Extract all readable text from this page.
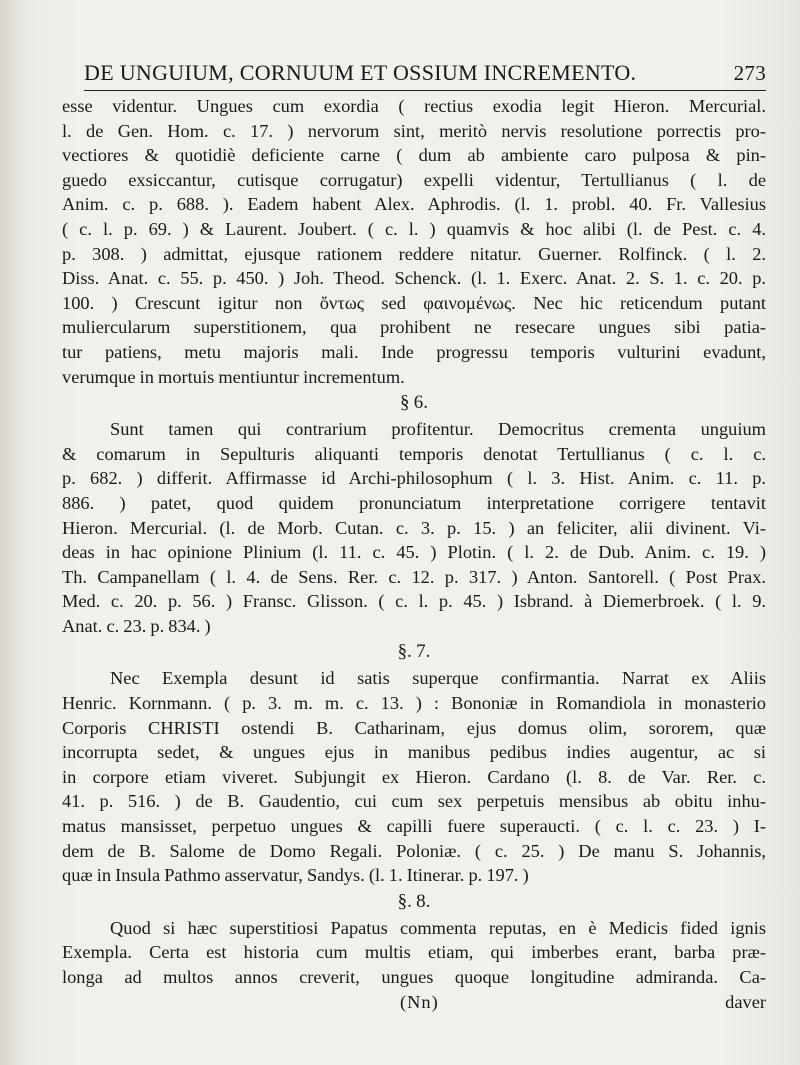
DE UNGUIUM, CORNUUM ET OSSIUM INCREMENTO.	273
esse videntur. Ungues cum exordia ( rectius exodia legit Hieron. Mercurial.
l. de Gen. Hom. c. 17. ) nervorum sint, meritò nervis resolutione porrectis pro-
vectiores & quotidiè deficiente carne ( dum ab ambiente caro pulposa & pin-
guedo exsiccantur, cutisque corrugatur) expelli videntur, Tertullianus ( l. de
Anim. c. p. 688. ). Eadem habent Alex. Aphrodis. (l. 1. probl. 40. Fr. Vallesius
( c. l. p. 69. ) & Laurent. Joubert. ( c. l. ) quamvis & hoc alibi (l. de Pest. c. 4.
p. 308. ) admittat, ejusque rationem reddere nitatur. Guerner. Rolfinck. ( l. 2.
Diss. Anat. c. 55. p. 450. ) Joh. Theod. Schenck. (l. 1. Exerc. Anat. 2. S. 1. c. 20. p.
100. ) Crescunt igitur non ὄντως sed φαινομένως. Nec hic reticendum putant
muliercularum superstitionem, qua prohibent ne resecare ungues sibi patia-
tur patiens, metu majoris mali. Inde progressu temporis vulturini evadunt,
verumque in mortuis mentiuntur incrementum.
§ 6.
Sunt tamen qui contrarium profitentur. Democritus crementa unguium
& comarum in Sepulturis aliquanti temporis denotat Tertullianus ( c. l. c.
p. 682. ) differit. Affirmasse id Archi-philosophum ( l. 3. Hist. Anim. c. 11. p.
886. ) patet, quod quidem pronunciatum interpretatione corrigere tentavit
Hieron. Mercurial. (l. de Morb. Cutan. c. 3. p. 15. ) an feliciter, alii divinent. Vi-
deas in hac opinione Plinium (l. 11. c. 45. ) Plotin. ( l. 2. de Dub. Anim. c. 19. )
Th. Campanellam ( l. 4. de Sens. Rer. c. 12. p. 317. ) Anton. Santorell. ( Post Prax.
Med. c. 20. p. 56. ) Fransc. Glisson. ( c. l. p. 45. ) Isbrand. à Diemerbroek. ( l. 9.
Anat. c. 23. p. 834. )
§. 7.
Nec Exempla desunt id satis superque confirmantia. Narrat ex Aliis
Henric. Kornmann. ( p. 3. m. m. c. 13. ) : Bononiæ in Romandiola in monasterio
Corporis CHRISTI ostendi B. Catharinam, ejus domus olim, sororem, quæ
incorrupta sedet, & ungues ejus in manibus pedibus indies augentur, ac si
in corpore etiam viveret. Subjungit ex Hieron. Cardano (l. 8. de Var. Rer. c.
41. p. 516. ) de B. Gaudentio, cui cum sex perpetuis mensibus ab obitu inhu-
matus mansisset, perpetuo ungues & capilli fuere superaucti. ( c. l. c. 23. ) I-
dem de B. Salome de Domo Regali. Poloniæ. ( c. 25. ) De manu S. Johannis,
quæ in Insula Pathmo asservatur, Sandys. (l. 1. Itinerar. p. 197. )
§. 8.
Quod si hæc superstitiosi Papatus commenta reputas, en è Medicis fided ignis
Exempla. Certa est historia cum multis etiam, qui imberbes erant, barba præ-
longa ad multos annos creverit, ungues quoque longitudine admiranda. Ca-
(Nn)	daver
